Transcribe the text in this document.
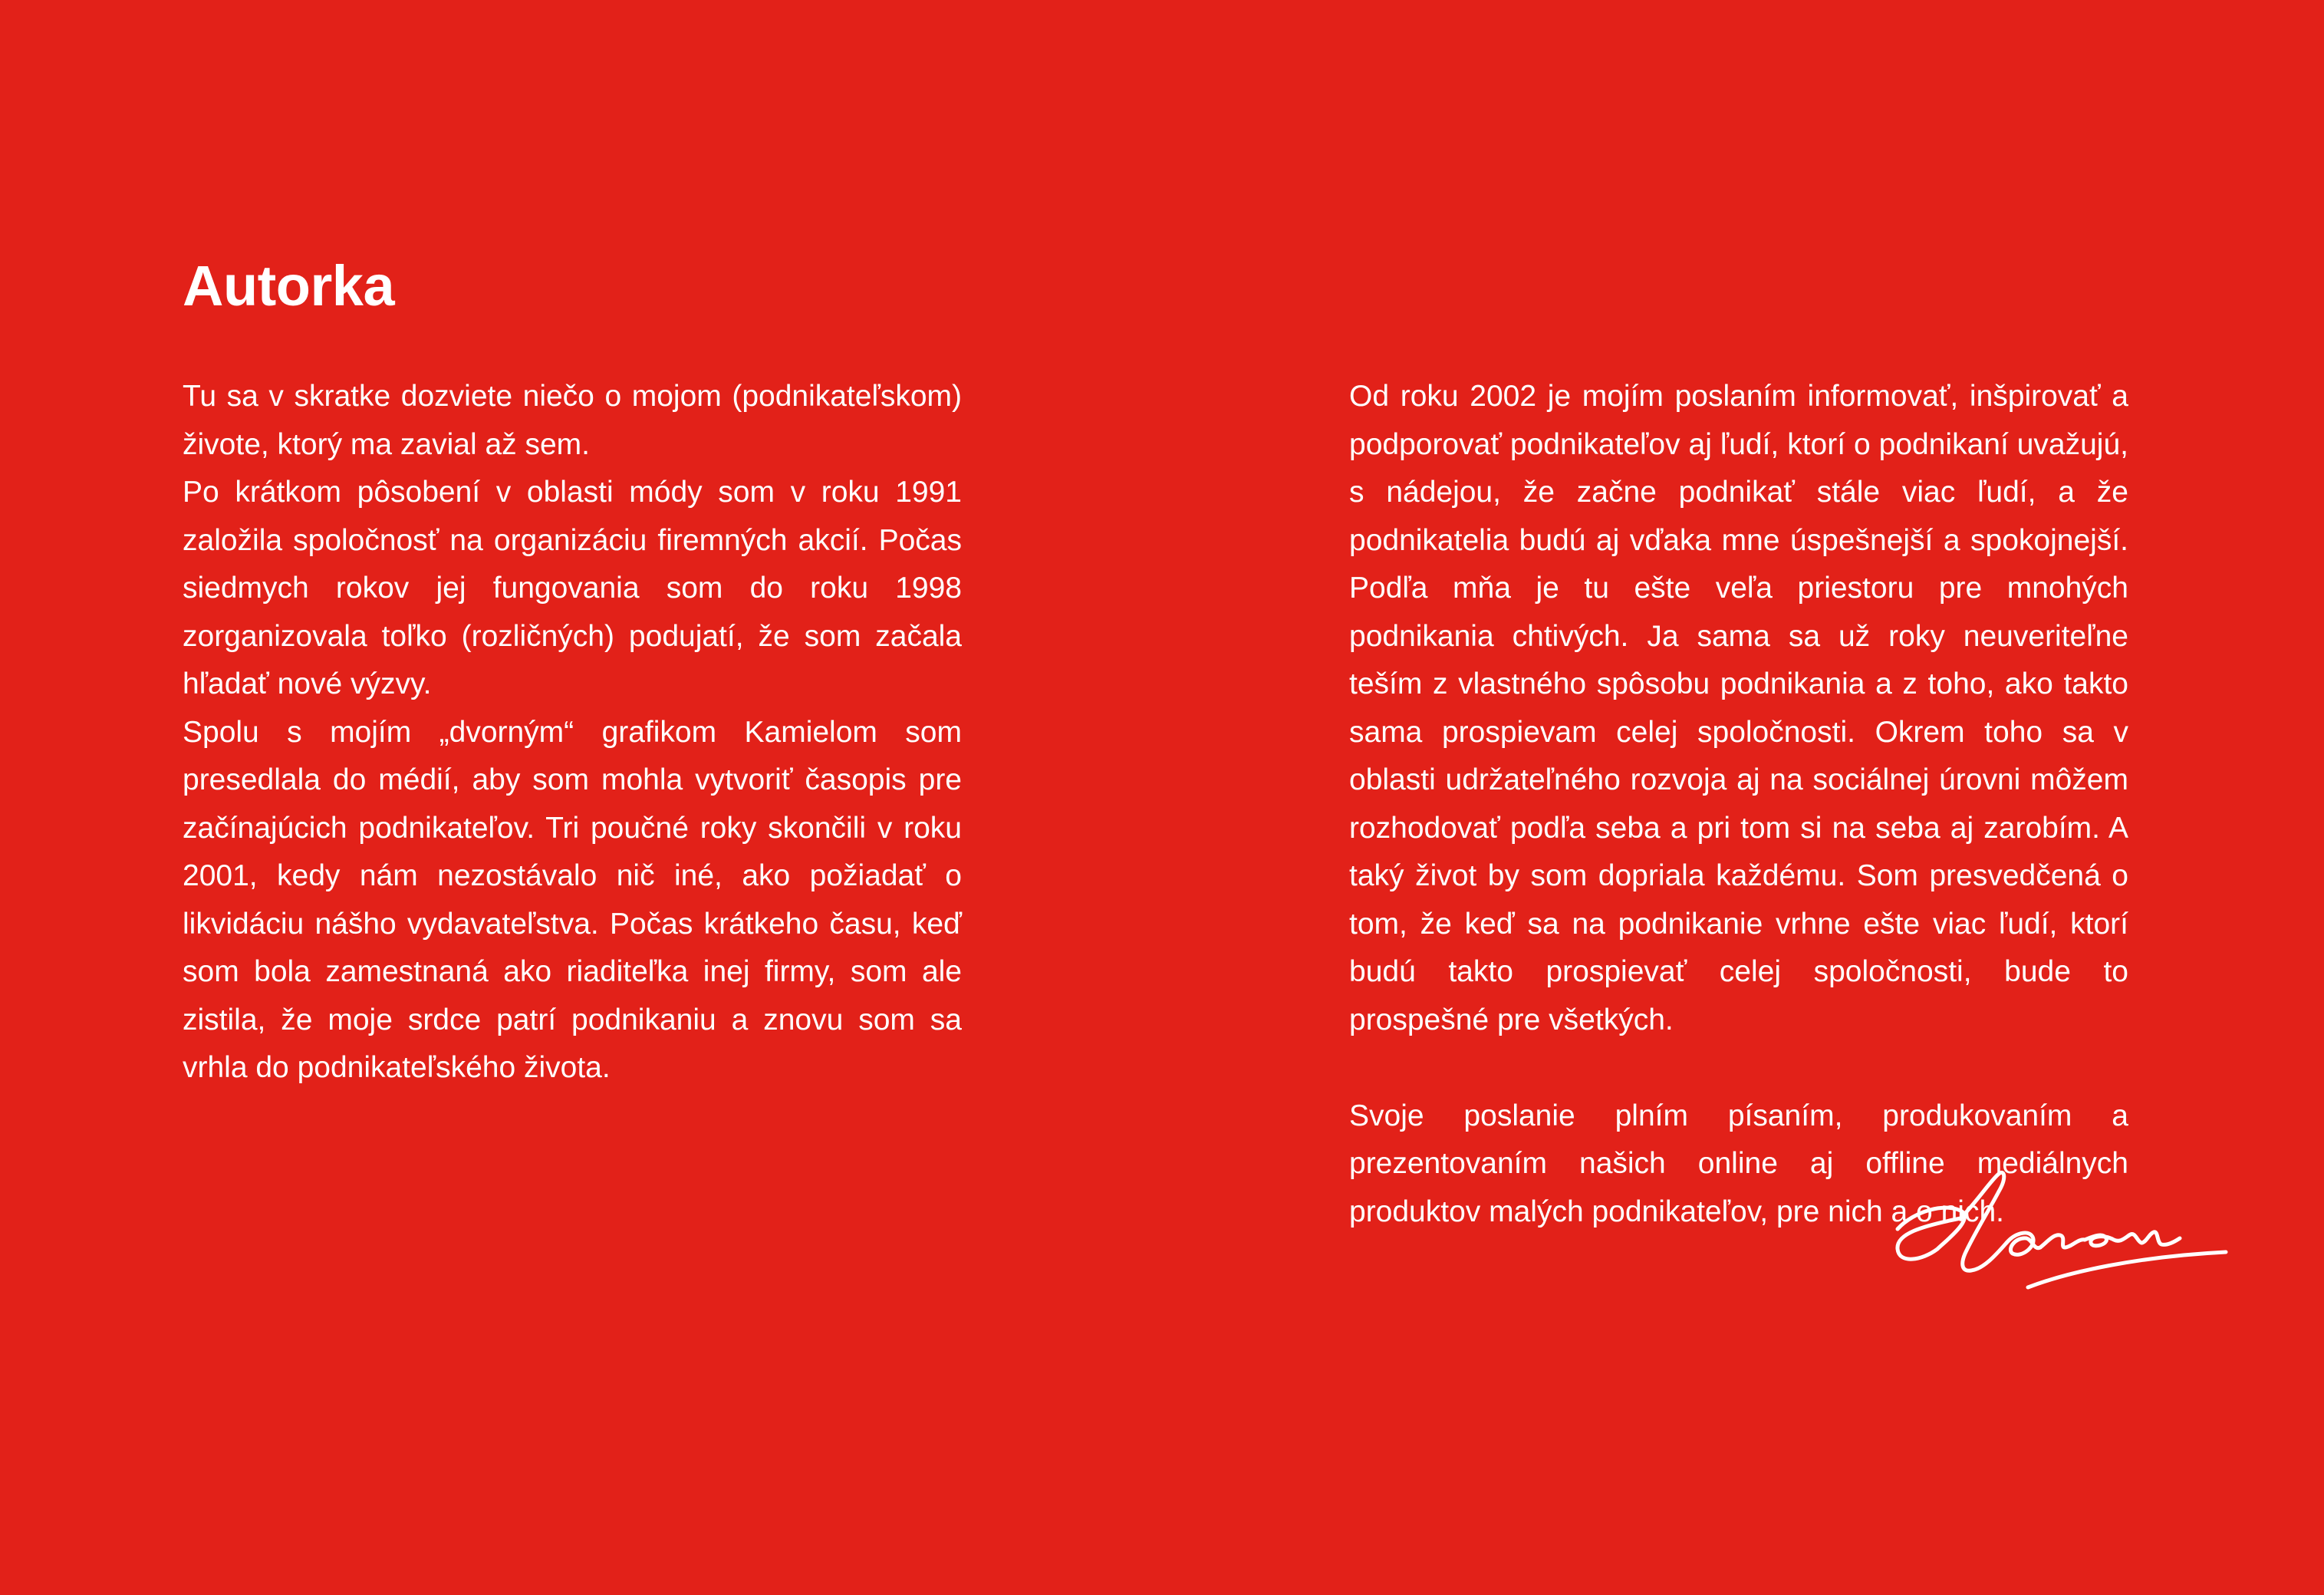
Autorka

Tu sa v skratke dozviete niečo o mojom (podnikateľskom) živote, ktorý ma zavial až sem.

Po krátkom pôsobení v oblasti módy som v roku 1991 založila spoločnosť na organizáciu firemných akcií. Počas siedmych rokov jej fungovania som do roku 1998 zorganizovala toľko (rozličných) podujatí, že som začala hľadať nové výzvy.

Spolu s mojím „dvorným“ grafikom Kamielom som presedlala do médií, aby som mohla vytvoriť časopis pre začínajúcich podnikateľov. Tri poučné roky skončili v roku 2001, kedy nám nezostávalo nič iné, ako požiadať o likvidáciu nášho vydavateľstva. Počas krátkeho času, keď som bola zamestnaná ako riaditeľka inej firmy, som ale zistila, že moje srdce patrí podnikaniu a znovu som sa vrhla do podnikateľského života.

Od roku 2002 je mojím poslaním informovať, inšpirovať a podporovať podnikateľov aj ľudí, ktorí o podnikaní uvažujú, s nádejou, že začne podnikať stále viac ľudí, a že podnikatelia budú aj vďaka mne úspešnejší a spokojnejší. Podľa mňa je tu ešte veľa priestoru pre mnohých podnikania chtivých. Ja sama sa už roky neuveriteľne teším z vlastného spôsobu podnikania a z toho, ako takto sama prospievam celej spoločnosti. Okrem toho sa v oblasti udržateľného rozvoja aj na sociálnej úrovni môžem rozhodovať podľa seba a pri tom si na seba aj zarobím. A taký život by som dopriala každému. Som presvedčená o tom, že keď sa na podnikanie vrhne ešte viac ľudí, ktorí budú takto prospievať celej spoločnosti, bude to prospešné pre všetkých.

Svoje poslanie plním písaním, produkovaním a prezentovaním našich online aj offline mediálnych produktov malých podnikateľov, pre nich a o nich.
